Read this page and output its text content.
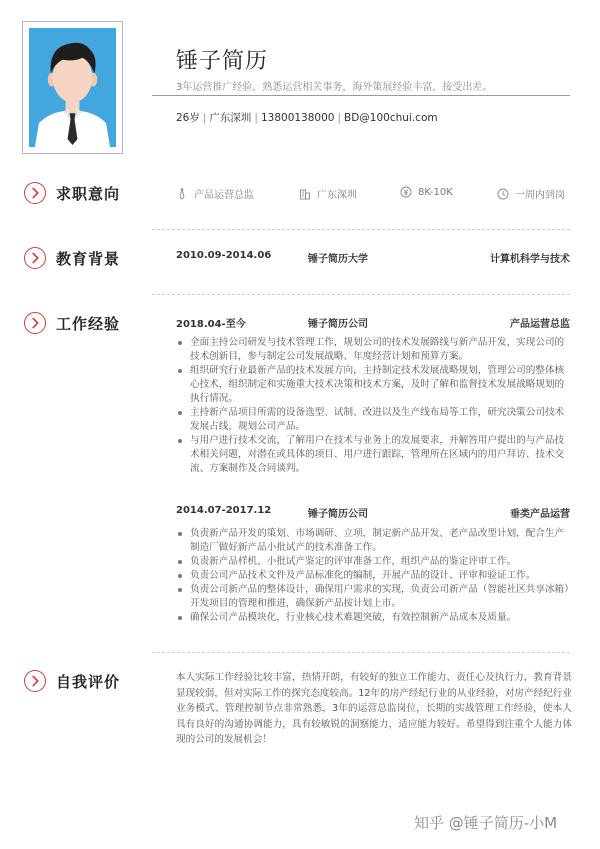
锤子简历
3年运营推广经验，熟悉运营相关事务，海外策展经验丰富，接受出差。
26岁 | 广东深圳 | 13800138000 | BD@100chui.com
求职意向	产品运营总监	广东深圳	8K-10K	一周内到岗
教育背景	2010.09-2014.06	锤子简历大学	计算机科学与技术
工作经验	2018.04-至今	锤子简历公司	产品运营总监
全面主持公司研发与技术管理工作，规划公司的技术发展路线与新产品开发，实现公司的技术创新目，参与制定公司发展战略、年度经营计划和预算方案。
组织研究行业最新产品的技术发展方向，主持制定技术发展战略规划，管理公司的整体核心技术，组织制定和实施重大技术决策和技术方案，及时了解和监督技术发展战略规划的执行情况。
主持新产品项目所需的设备选型、试制、改进以及生产线布局等工作，研究决策公司技术发展占线，规划公司产品。
与用户进行技术交流，了解用户在技术与业务上的发展要求，并解答用户提出的与产品技术相关问题，对潜在或具体的项目、用户进行跟踪，管理所在区域内的用户拜访、技术交流、方案制作及合同谈判。
2014.07-2017.12	锤子简历公司	垂类产品运营
负责新产品开发的策划、市场调研、立项，制定新产品开发、老产品改型计划，配合生产制造厂做好新产品小批试产的技术准备工作。
负责新产品样机、小批试产鉴定的评审准备工作，组织产品的鉴定评审工作。
负责公司产品技术文件及产品标准化的编制，开展产品的设计、评审和验证工作。
负责公司新产品的整体设计，确保用户需求的实现，负责公司新产品（智能社区共享冰箱）开发项目的管理和推进，确保新产品按计划上市。
确保公司产品模块化，行业核心技术难题突破，有效控制新产品成本及质量。
自我评价	本人实际工作经验比较丰富，热情开朗，有较好的独立工作能力、责任心及执行力，教育背景显现较弱，但对实际工作的探究态度较高。12年的房产经纪行业的从业经验，对房产经纪行业业务模式、管理控制节点非常熟悉，3年的运营总监岗位，长期的实战管理工作经验，使本人具有良好的沟通协调能力，具有较敏锐的洞察能力，适应能力较好。希望得到注重个人能力体现的公司的发展机会！
知乎 @锤子简历-小M
